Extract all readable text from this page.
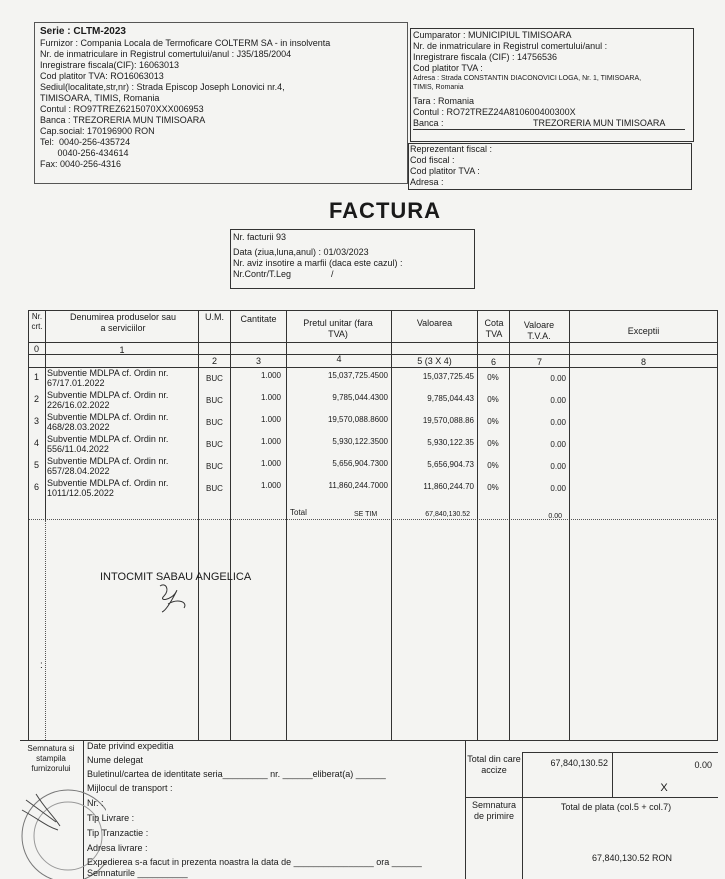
Serie : CLTM-2023
Furnizor : Compania Locala de Termoficare COLTERM SA - in insolventa
Nr. de inmatriculare in Registrul comertului/anul : J35/185/2004
Inregistrare fiscala(CIF): 16063013
Cod platitor TVA: RO16063013
Sediul(localitate,str,nr) : Strada Episcop Joseph Lonovici nr.4,
TIMISOARA, TIMIS, Romania
Contul : RO97TREZ6215070XXX006953
Banca : TREZORERIA MUN TIMISOARA
Cap.social: 170196900 RON
Tel:  0040-256-435724
0040-256-434614
Fax: 0040-256-4316
Cumparator : MUNICIPIUL TIMISOARA
Nr. de inmatriculare in Registrul comertului/anul :
Inregistrare fiscala (CIF) : 14756536
Cod platitor TVA :
Adresa : Strada CONSTANTIN DIACONOVICI LOGA, Nr. 1, TIMISOARA,
TIMIS, Romania
Tara : Romania
Contul : RO72TREZ24A810600400300X
Banca :	TREZORERIA MUN TIMISOARA
Reprezentant fiscal :
Cod fiscal :
Cod platitor TVA :
Adresa :
FACTURA
Nr. facturii 93
Data (ziua,luna,anul) : 01/03/2023
Nr. aviz insotire a marfii (daca este cazul) :
Nr.Contr/T.Leg	/
Nr. crt.
Denumirea produselor sau a serviciilor
U.M.	Cantitate	Pretul unitar (fara TVA)
Valoarea	Cota TVA
Valoare T.V.A.	Exceptii
0	1
2	3	4	5 (3 X 4)	6	7	8
1 Subventie MDLPA cf. Ordin nr.
67/17.01.2022	BUC	1.000	15,037,725.4500	15,037,725.45	0%	0.00
2 Subventie MDLPA cf. Ordin nr.
226/16.02.2022	BUC	1.000	9,785,044.4300	9,785,044.43	0%	0.00
3 Subventie MDLPA cf. Ordin nr.
468/28.03.2022	BUC	1.000	19,570,088.8600	19,570,088.86	0%	0.00
4 Subventie MDLPA cf. Ordin nr.
556/11.04.2022	BUC	1.000	5,930,122.3500	5,930,122.35	0%	0.00
5 Subventie MDLPA cf. Ordin nr.
657/28.04.2022	BUC	1.000	5,656,904.7300	5,656,904.73	0%	0.00
6 Subventie MDLPA cf. Ordin nr.
1011/12.05.2022	BUC	1.000	11,860,244.7000	11,860,244.70	0%	0.00
Total	SE TIM	67,840,130.52	0.00
INTOCMIT SABAU ANGELICA
:
Semnatura si stampila furnizorului
Date privind expeditia
Nume delegat
Buletinul/cartea de identitate seria_________ nr. ______eliberat(a) ______
Mijlocul de transport :
Nr. :
Tip Livrare :
Tip Tranzactie :
Adresa livrare :
Expedierea s-a facut in prezenta noastra la data de ________________ ora ______
Semnaturile __________
Total din care accize
67,840,130.52	0.00
X
Semnatura de primire
Total de plata (col.5 + col.7)
67,840,130.52 RON
